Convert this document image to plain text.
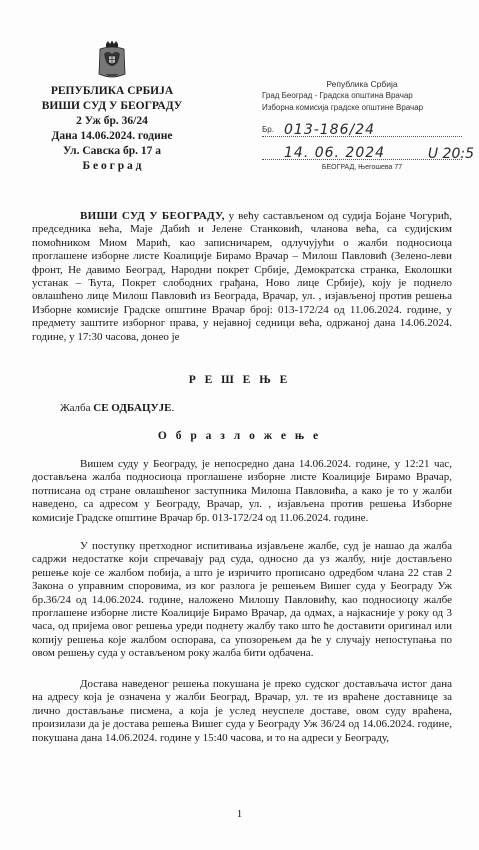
РЕПУБЛИКА СРБИЈА
ВИШИ СУД У БЕОГРАДУ
2 Уж бр. 36/24
Дана 14.06.2024. године
Ул. Савска бр. 17 а
Б е о г р а д
Република Србија
Град Београд - Градска општина Врачар
Изборна комисија градске општине Врачар
Бр. 013-186/24
14. 06. 2024
БЕОГРАД, Његошева 77
U 20:5

ВИШИ СУД У БЕОГРАДУ, у већу састављеном од судија Бојане Чогурић, председника већа, Маје Дабић и Јелене Станковић, чланова већа, са судијским помоћником Миом Марић, као записничарем, одлучујући о жалби подносиоца проглашене изборне листе Коалиције Бирамо Врачар – Милош Павловић (Зелено-леви фронт, Не давимо Београд, Народни покрет Србије, Демократска странка, Еколошки устанак – Ћута, Покрет слободних грађана, Ново лице Србије), коју је поднело овлашћено лице Милош Павловић из Београда, Врачар, ул. , изјављеној против решења Изборне комисије Градске општине Врачар број: 013-172/24 од 11.06.2024. године, у предмету заштите изборног права, у нејавној седници већа, одржаној дана 14.06.2024. године, у 17:30 часова, донео је

Р Е Ш Е Њ Е
Жалба СЕ ОДБАЦУЈЕ.
О б р а з л о ж е њ е

Вишем суду у Београду, је непосредно дана 14.06.2024. године, у 12:21 час, достављена жалба подносиоца проглашене изборне листе Коалиције Бирамо Врачар, потписана од стране овлашћеног заступника Милоша Павловића, а како је то у жалби наведено, са адресом у Београду, Врачар, ул. , изјављена против решења Изборне комисије Градске општине Врачар бр. 013-172/24 од 11.06.2024. године.

У поступку претходног испитивања изјављене жалбе, суд је нашао да жалба садржи недостатке који спречавају рад суда, односно да уз жалбу, није достављено решење које се жалбом побија, а што је изричито прописано одредбом члана 22 став 2 Закона о управним споровима, из ког разлога је решењем Вишег суда у Београду Уж бр.36/24 од 14.06.2024. године, наложено Милошу Павловићу, као подносиоцу жалбе проглашене изборне листе Коалиције Бирамо Врачар, да одмах, а најкасније у року од 3 часа, од пријема овог решења уреди поднету жалбу тако што ће доставити оригинал или копију решења које жалбом оспорава, са упозорењем да ће у случају непоступања по овом решењу суда у остављеном року жалба бити одбачена.

Достава наведеног решења покушана је преко судског достављача истог дана на адресу која је означена у жалби Београд, Врачар, ул. те из враћене доставнице за лично достављање писмена, а која је услед неуспеле доставе, овом суду враћена, произилази да је достава решења Вишег суда у Београду Уж 36/24 од 14.06.2024. године, покушана дана 14.06.2024. године у 15:40 часова, и то на адреси у Београду,

1
